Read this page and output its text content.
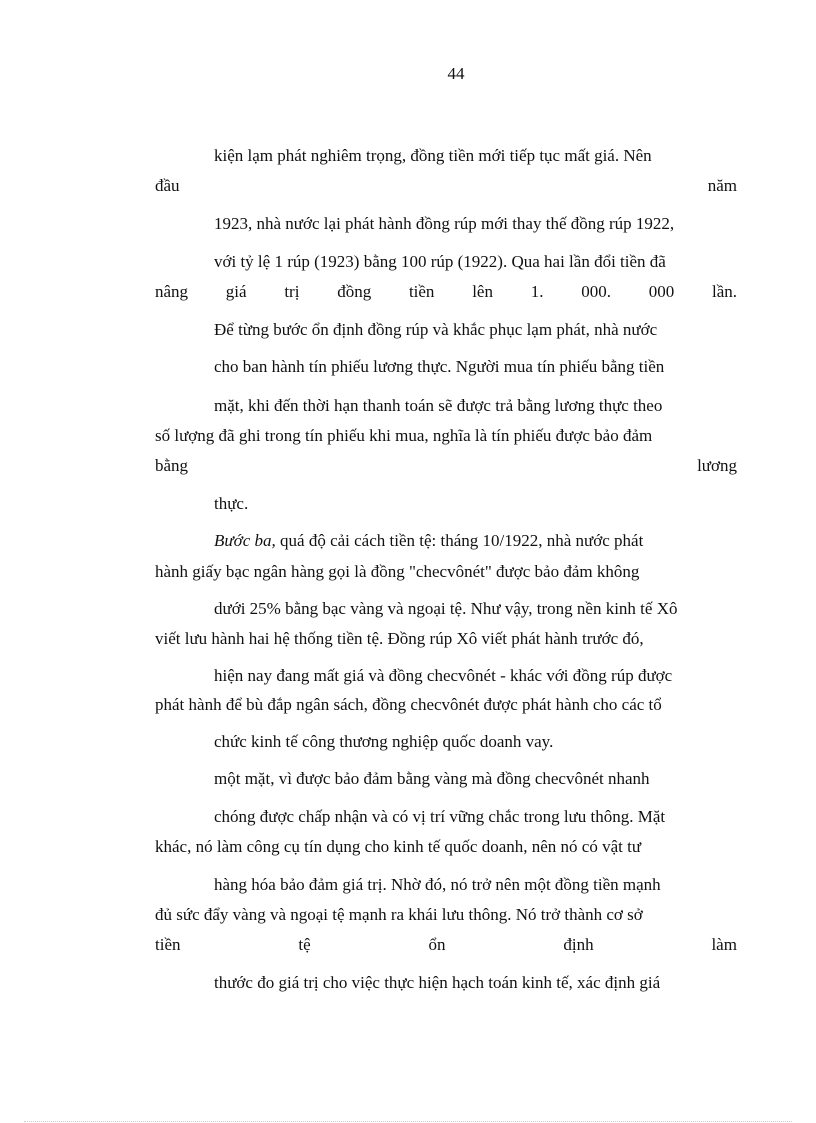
44
kiện lạm phát nghiêm trọng, đồng tiền mới tiếp tục mất giá. Nên
đầu	năm
1923, nhà nước lại phát hành đồng rúp mới thay thế đồng rúp 1922,
với tỷ lệ 1 rúp (1923) bằng 100 rúp (1922). Qua hai lần đổi tiền đã
nâng giá trị đồng tiền lên 1. 000. 000 lần.
Để từng bước ổn định đồng rúp và khắc phục lạm phát, nhà nước
cho ban hành tín phiếu lương thực. Người mua tín phiếu bằng tiền
mặt, khi đến thời hạn thanh toán sẽ được trả bằng lương thực theo
số lượng đã ghi trong tín phiếu khi mua, nghĩa là tín phiếu được bảo đảm
bằng	lương
thực.
Bước ba, quá độ cải cách tiền tệ: tháng 10/1922, nhà nước phát
hành giấy bạc ngân hàng gọi là đồng "checvônét" được bảo đảm không
dưới 25% bằng bạc vàng và ngoại tệ. Như vậy, trong nền kinh tế Xô
viết lưu hành hai hệ thống tiền tệ. Đồng rúp Xô viết phát hành trước đó,
hiện nay đang mất giá và đồng checvônét - khác với đồng rúp được
phát hành để bù đắp ngân sách, đồng checvônét được phát hành cho các tổ
chức kinh tế công thương nghiệp quốc doanh vay.
một mặt, vì được bảo đảm bằng vàng mà đồng checvônét nhanh
chóng được chấp nhận và có vị trí vững chắc trong lưu thông. Mặt
khác, nó làm công cụ tín dụng cho kinh tế quốc doanh, nên nó có vật tư
hàng hóa bảo đảm giá trị. Nhờ đó, nó trở nên một đồng tiền mạnh
đủ sức đẩy vàng và ngoại tệ mạnh ra khái lưu thông. Nó trở thành cơ sở
tiền	tệ	ổn	định	làm
thước đo giá trị cho việc thực hiện hạch toán kinh tế, xác định giá
